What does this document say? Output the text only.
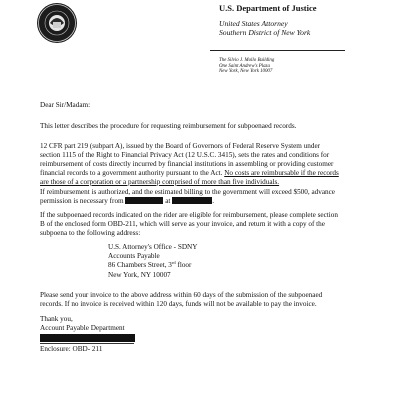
U.S. Department of Justice
United States Attorney
Southern District of New York
The Silvio J. Mollo Building
One Saint Andrew's Plaza
New York, New York 10007
Dear Sir/Madam:
This letter describes the procedure for requesting reimbursement for subpoenaed records.
12 CFR part 219 (subpart A), issued by the Board of Governors of Federal Reserve System under
section 1115 of the Right to Financial Privacy Act (12 U.S.C. 3415), sets the rates and conditions for
reimbursement of costs directly incurred by financial institutions in assembling or providing customer
financial records to a government authority pursuant to the Act. No costs are reimbursable if the records
are those of a corporation or a partnership comprised of more than five individuals.
If reimbursement is authorized, and the estimated billing to the government will exceed $500, advance
permission is necessary from	at	.
If the subpoenaed records indicated on the rider are eligible for reimbursement, please complete section
B of the enclosed form OBD-211, which will serve as your invoice, and return it with a copy of the
subpoena to the following address:
U.S. Attorney's Office - SDNY
Accounts Payable
86 Chambers Street, 3rd floor
New York, NY 10007
Please send your invoice to the above address within 60 days of the submission of the subpoenaed
records. If no invoice is received within 120 days, funds will not be available to pay the invoice.
Thank you,
Account Payable Department
Enclosure: OBD- 211
